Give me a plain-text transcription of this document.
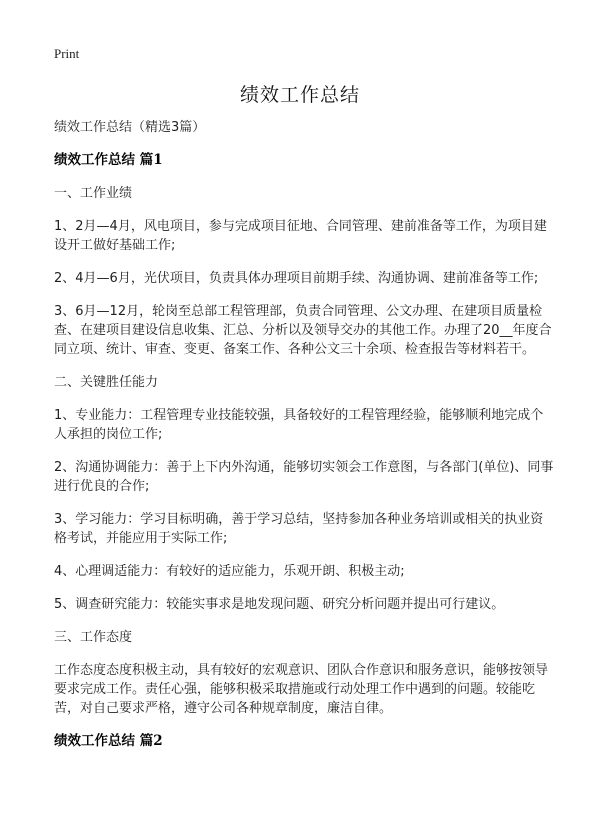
Print
绩效工作总结

绩效工作总结（精选3篇）

绩效工作总结 篇1

一、工作业绩

1、2月—4月，风电项目，参与完成项目征地、合同管理、建前准备等工作，为项目建设开工做好基础工作;

2、4月—6月，光伏项目，负责具体办理项目前期手续、沟通协调、建前准备等工作;

3、6月—12月，轮岗至总部工程管理部，负责合同管理、公文办理、在建项目质量检查、在建项目建设信息收集、汇总、分析以及领导交办的其他工作。办理了20__年度合同立项、统计、审查、变更、备案工作、各种公文三十余项、检查报告等材料若干。

二、关键胜任能力

1、专业能力：工程管理专业技能较强，具备较好的工程管理经验，能够顺利地完成个人承担的岗位工作;

2、沟通协调能力：善于上下内外沟通，能够切实领会工作意图，与各部门(单位)、同事进行优良的合作;

3、学习能力：学习目标明确，善于学习总结，坚持参加各种业务培训或相关的执业资格考试，并能应用于实际工作;

4、心理调适能力：有较好的适应能力，乐观开朗、积极主动;

5、调查研究能力：较能实事求是地发现问题、研究分析问题并提出可行建议。

三、工作态度

工作态度态度积极主动，具有较好的宏观意识、团队合作意识和服务意识，能够按领导要求完成工作。责任心强，能够积极采取措施或行动处理工作中遇到的问题。较能吃苦，对自己要求严格，遵守公司各种规章制度，廉洁自律。

绩效工作总结 篇2
